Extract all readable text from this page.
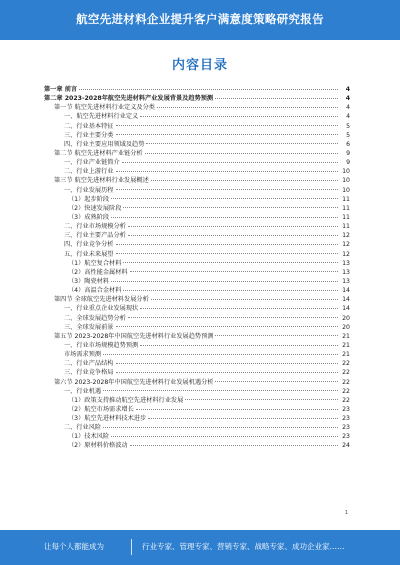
航空先进材料企业提升客户满意度策略研究报告
内容目录
第一章 前言	4
第二章 2023-2028年航空先进材料产业发展背景及趋势预测	4
第一节 航空先进材料行业定义及分类	4
一、航空先进材料行业定义	4
二、行业基本特征	5
三、行业主要分类	5
四、行业主要应用领域及趋势	6
第二节 航空先进材料产业链分析	9
一、行业产业链简介	9
二、行业上游行业	10
第三节 航空先进材料行业发展概述	10
一、行业发展历程	10
（1）起步阶段	11
（2）快速发展阶段	11
（3）成熟阶段	11
二、行业市场规模分析	11
三、行业主要产品分析	12
四、行业竞争分析	12
五、行业未来展望	12
（1）航空复合材料	13
（2）高性能金属材料	13
（3）陶瓷材料	13
（4）高温合金材料	14
第四节 全球航空先进材料发展分析	14
一、行业重点企业发展现状	14
二、全球发展趋势分析	20
三、全球发展前景	20
第五节 2023-2028年中国航空先进材料行业发展趋势预测	21
一、行业市场规模趋势预测	21
市场需求预测	21
二、行业产品结构	22
三、行业竞争格局	22
第六节 2023-2028年中国航空先进材料行业发展机遇分析	22
一、行业机遇	22
（1）政策支持推动航空先进材料行业发展	22
（2）航空市场需求增长	23
（3）航空先进材料技术进步	23
二、行业风险	23
（1）技术风险	23
（2）原材料价格波动	24
1
让每个人都能成为	行业专家、管理专家、营销专家、战略专家、成功企业家……
